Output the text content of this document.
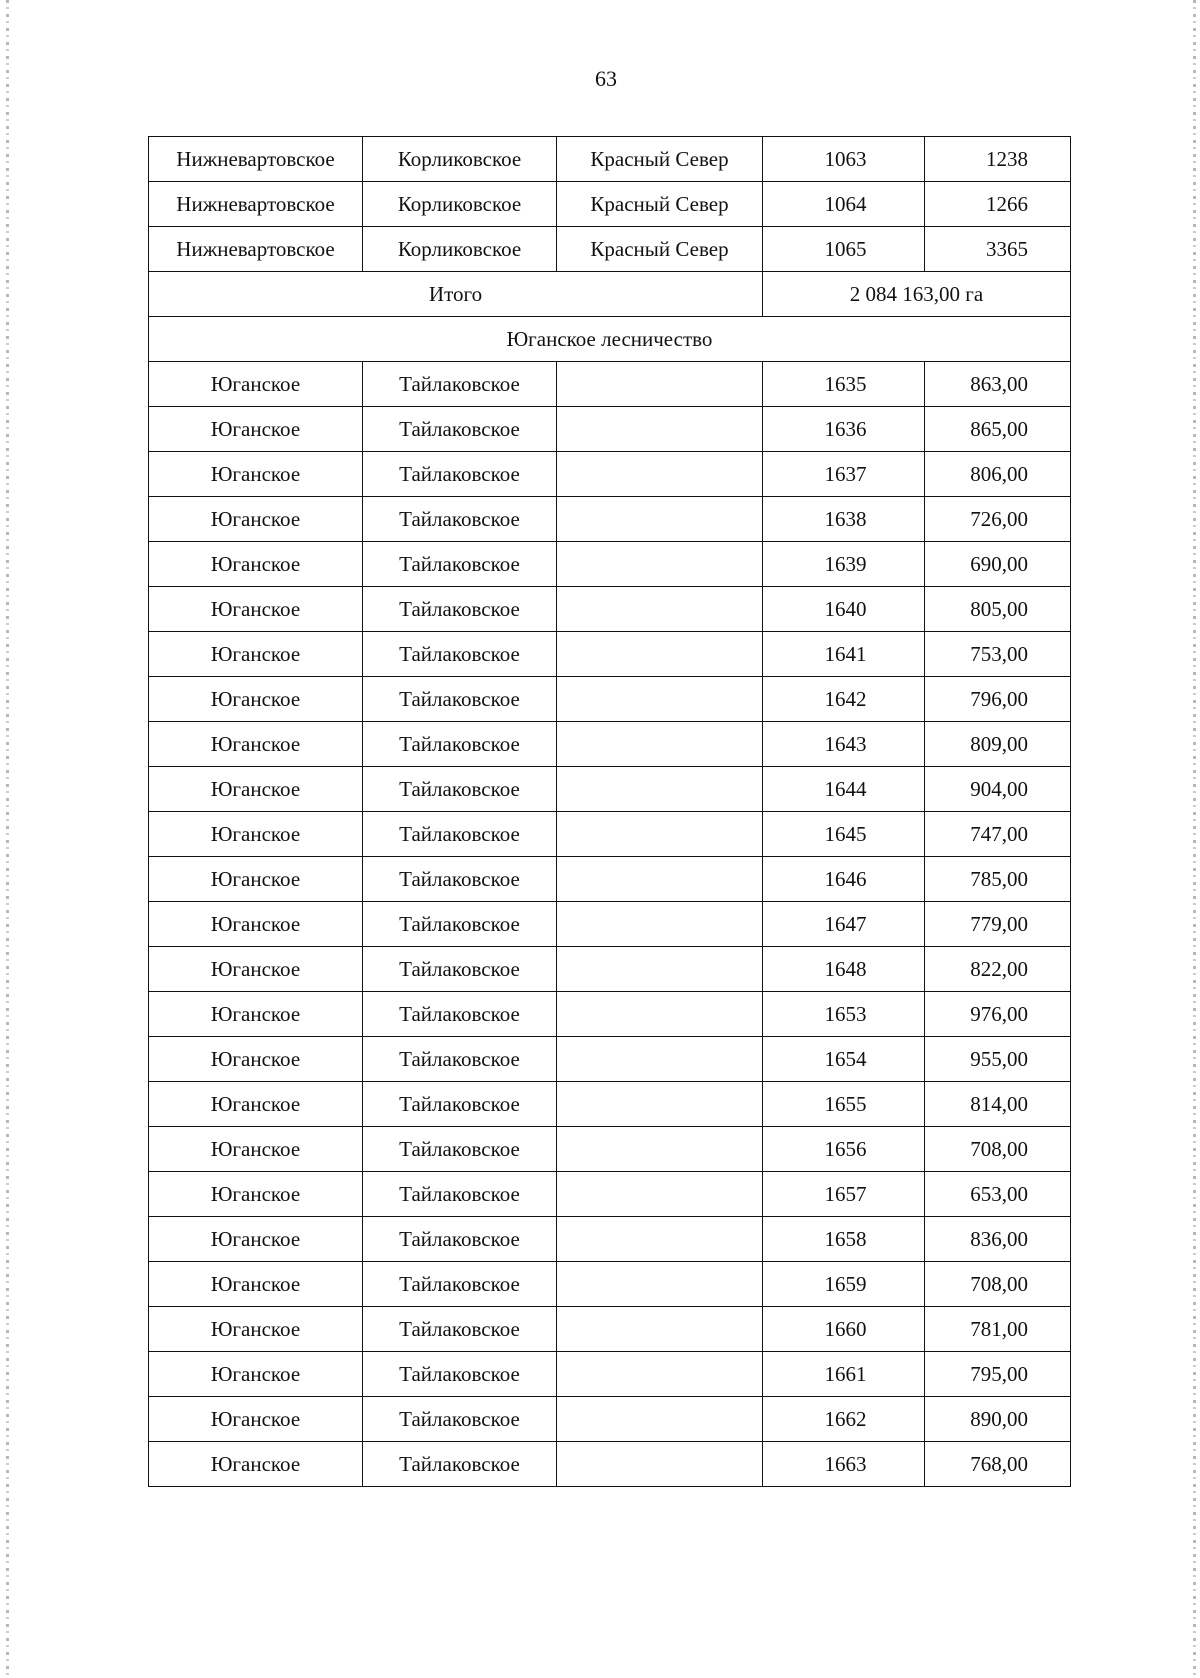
63
Нижневартовское	Корликовское	Красный Север	1063	1238
Нижневартовское	Корликовское	Красный Север	1064	1266
Нижневартовское	Корликовское	Красный Север	1065	3365
Итого			2 084 163,00 га	
Юганское лесничество				
Юганское	Тайлаковское		1635	863,00
Юганское	Тайлаковское		1636	865,00
Юганское	Тайлаковское		1637	806,00
Юганское	Тайлаковское		1638	726,00
Юганское	Тайлаковское		1639	690,00
Юганское	Тайлаковское		1640	805,00
Юганское	Тайлаковское		1641	753,00
Юганское	Тайлаковское		1642	796,00
Юганское	Тайлаковское		1643	809,00
Юганское	Тайлаковское		1644	904,00
Юганское	Тайлаковское		1645	747,00
Юганское	Тайлаковское		1646	785,00
Юганское	Тайлаковское		1647	779,00
Юганское	Тайлаковское		1648	822,00
Юганское	Тайлаковское		1653	976,00
Юганское	Тайлаковское		1654	955,00
Юганское	Тайлаковское		1655	814,00
Юганское	Тайлаковское		1656	708,00
Юганское	Тайлаковское		1657	653,00
Юганское	Тайлаковское		1658	836,00
Юганское	Тайлаковское		1659	708,00
Юганское	Тайлаковское		1660	781,00
Юганское	Тайлаковское		1661	795,00
Юганское	Тайлаковское		1662	890,00
Юганское	Тайлаковское		1663	768,00
